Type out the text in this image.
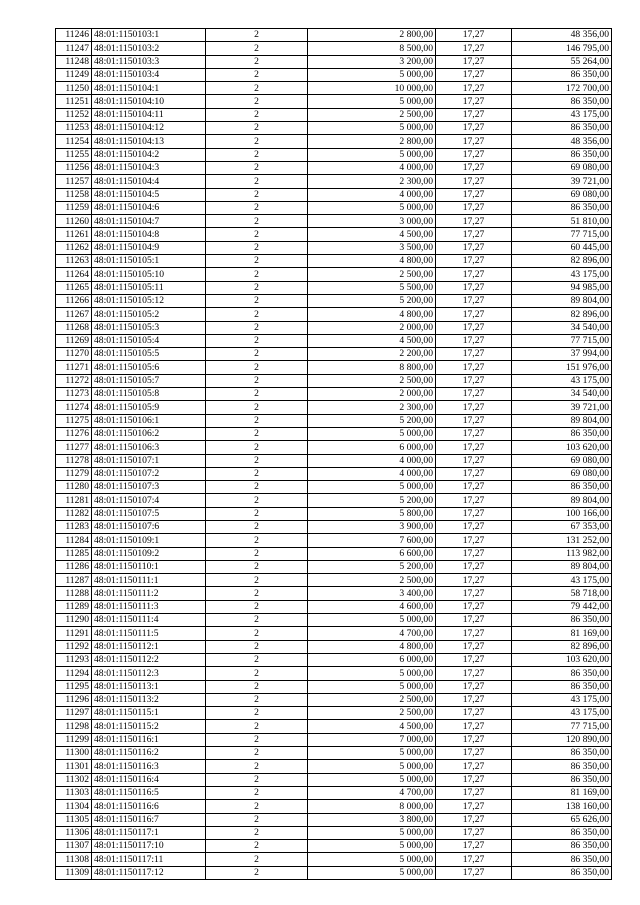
11246	48:01:1150103:1	2	2 800,00	17,27	48 356,00
11247	48:01:1150103:2	2	8 500,00	17,27	146 795,00
11248	48:01:1150103:3	2	3 200,00	17,27	55 264,00
11249	48:01:1150103:4	2	5 000,00	17,27	86 350,00
11250	48:01:1150104:1	2	10 000,00	17,27	172 700,00
11251	48:01:1150104:10	2	5 000,00	17,27	86 350,00
11252	48:01:1150104:11	2	2 500,00	17,27	43 175,00
11253	48:01:1150104:12	2	5 000,00	17,27	86 350,00
11254	48:01:1150104:13	2	2 800,00	17,27	48 356,00
11255	48:01:1150104:2	2	5 000,00	17,27	86 350,00
11256	48:01:1150104:3	2	4 000,00	17,27	69 080,00
11257	48:01:1150104:4	2	2 300,00	17,27	39 721,00
11258	48:01:1150104:5	2	4 000,00	17,27	69 080,00
11259	48:01:1150104:6	2	5 000,00	17,27	86 350,00
11260	48:01:1150104:7	2	3 000,00	17,27	51 810,00
11261	48:01:1150104:8	2	4 500,00	17,27	77 715,00
11262	48:01:1150104:9	2	3 500,00	17,27	60 445,00
11263	48:01:1150105:1	2	4 800,00	17,27	82 896,00
11264	48:01:1150105:10	2	2 500,00	17,27	43 175,00
11265	48:01:1150105:11	2	5 500,00	17,27	94 985,00
11266	48:01:1150105:12	2	5 200,00	17,27	89 804,00
11267	48:01:1150105:2	2	4 800,00	17,27	82 896,00
11268	48:01:1150105:3	2	2 000,00	17,27	34 540,00
11269	48:01:1150105:4	2	4 500,00	17,27	77 715,00
11270	48:01:1150105:5	2	2 200,00	17,27	37 994,00
11271	48:01:1150105:6	2	8 800,00	17,27	151 976,00
11272	48:01:1150105:7	2	2 500,00	17,27	43 175,00
11273	48:01:1150105:8	2	2 000,00	17,27	34 540,00
11274	48:01:1150105:9	2	2 300,00	17,27	39 721,00
11275	48:01:1150106:1	2	5 200,00	17,27	89 804,00
11276	48:01:1150106:2	2	5 000,00	17,27	86 350,00
11277	48:01:1150106:3	2	6 000,00	17,27	103 620,00
11278	48:01:1150107:1	2	4 000,00	17,27	69 080,00
11279	48:01:1150107:2	2	4 000,00	17,27	69 080,00
11280	48:01:1150107:3	2	5 000,00	17,27	86 350,00
11281	48:01:1150107:4	2	5 200,00	17,27	89 804,00
11282	48:01:1150107:5	2	5 800,00	17,27	100 166,00
11283	48:01:1150107:6	2	3 900,00	17,27	67 353,00
11284	48:01:1150109:1	2	7 600,00	17,27	131 252,00
11285	48:01:1150109:2	2	6 600,00	17,27	113 982,00
11286	48:01:1150110:1	2	5 200,00	17,27	89 804,00
11287	48:01:1150111:1	2	2 500,00	17,27	43 175,00
11288	48:01:1150111:2	2	3 400,00	17,27	58 718,00
11289	48:01:1150111:3	2	4 600,00	17,27	79 442,00
11290	48:01:1150111:4	2	5 000,00	17,27	86 350,00
11291	48:01:1150111:5	2	4 700,00	17,27	81 169,00
11292	48:01:1150112:1	2	4 800,00	17,27	82 896,00
11293	48:01:1150112:2	2	6 000,00	17,27	103 620,00
11294	48:01:1150112:3	2	5 000,00	17,27	86 350,00
11295	48:01:1150113:1	2	5 000,00	17,27	86 350,00
11296	48:01:1150113:2	2	2 500,00	17,27	43 175,00
11297	48:01:1150115:1	2	2 500,00	17,27	43 175,00
11298	48:01:1150115:2	2	4 500,00	17,27	77 715,00
11299	48:01:1150116:1	2	7 000,00	17,27	120 890,00
11300	48:01:1150116:2	2	5 000,00	17,27	86 350,00
11301	48:01:1150116:3	2	5 000,00	17,27	86 350,00
11302	48:01:1150116:4	2	5 000,00	17,27	86 350,00
11303	48:01:1150116:5	2	4 700,00	17,27	81 169,00
11304	48:01:1150116:6	2	8 000,00	17,27	138 160,00
11305	48:01:1150116:7	2	3 800,00	17,27	65 626,00
11306	48:01:1150117:1	2	5 000,00	17,27	86 350,00
11307	48:01:1150117:10	2	5 000,00	17,27	86 350,00
11308	48:01:1150117:11	2	5 000,00	17,27	86 350,00
11309	48:01:1150117:12	2	5 000,00	17,27	86 350,00
